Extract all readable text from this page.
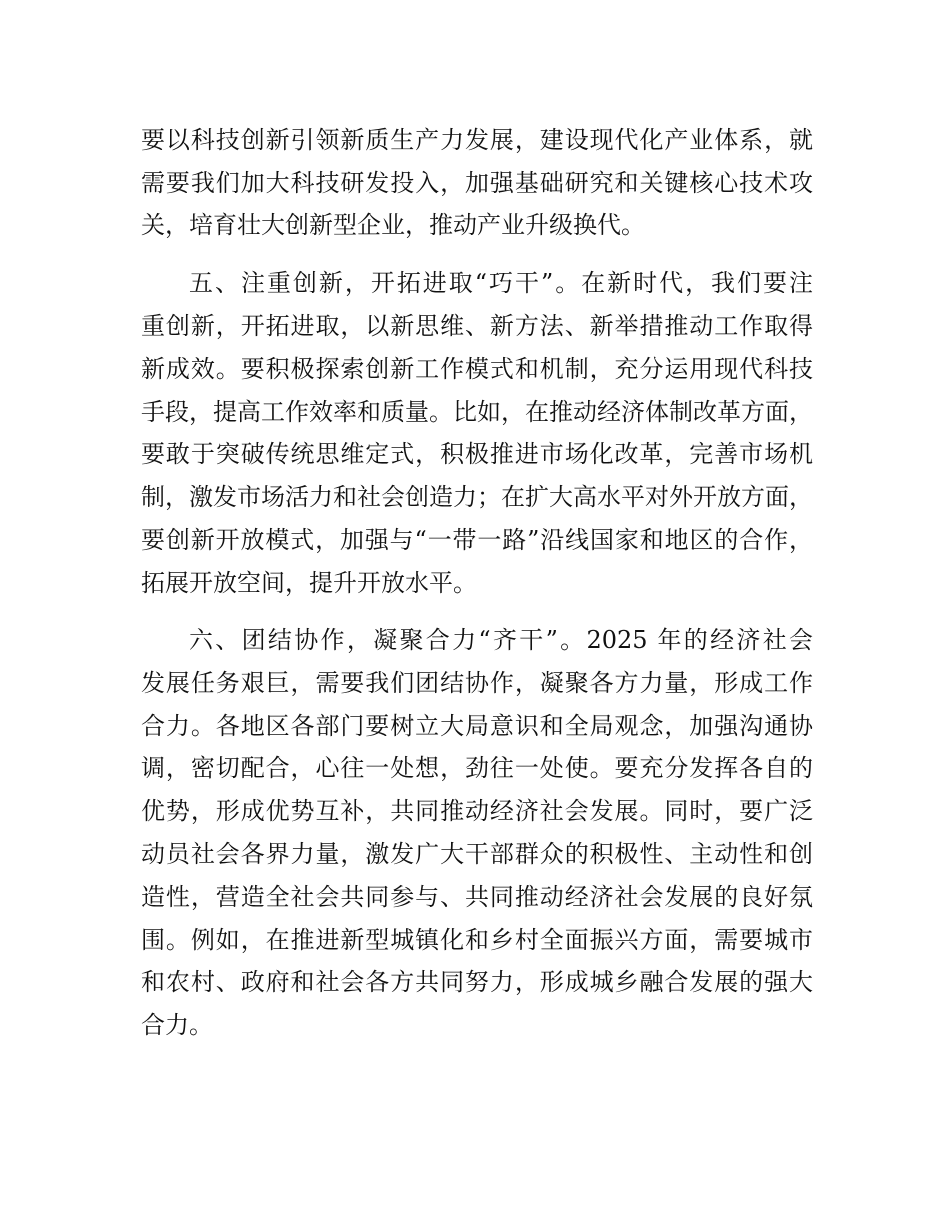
要以科技创新引领新质生产力发展，建设现代化产业体系，就
需要我们加大科技研发投入，加强基础研究和关键核心技术攻
关，培育壮大创新型企业，推动产业升级换代。
五、注重创新，开拓进取“巧干”。在新时代，我们要注
重创新，开拓进取，以新思维、新方法、新举措推动工作取得
新成效。要积极探索创新工作模式和机制，充分运用现代科技
手段，提高工作效率和质量。比如，在推动经济体制改革方面，
要敢于突破传统思维定式，积极推进市场化改革，完善市场机
制，激发市场活力和社会创造力；在扩大高水平对外开放方面，
要创新开放模式，加强与“一带一路”沿线国家和地区的合作，
拓展开放空间，提升开放水平。
六、团结协作，凝聚合力“齐干”。2025 年的经济社会
发展任务艰巨，需要我们团结协作，凝聚各方力量，形成工作
合力。各地区各部门要树立大局意识和全局观念，加强沟通协
调，密切配合，心往一处想，劲往一处使。要充分发挥各自的
优势，形成优势互补，共同推动经济社会发展。同时，要广泛
动员社会各界力量，激发广大干部群众的积极性、主动性和创
造性，营造全社会共同参与、共同推动经济社会发展的良好氛
围。例如，在推进新型城镇化和乡村全面振兴方面，需要城市
和农村、政府和社会各方共同努力，形成城乡融合发展的强大
合力。
